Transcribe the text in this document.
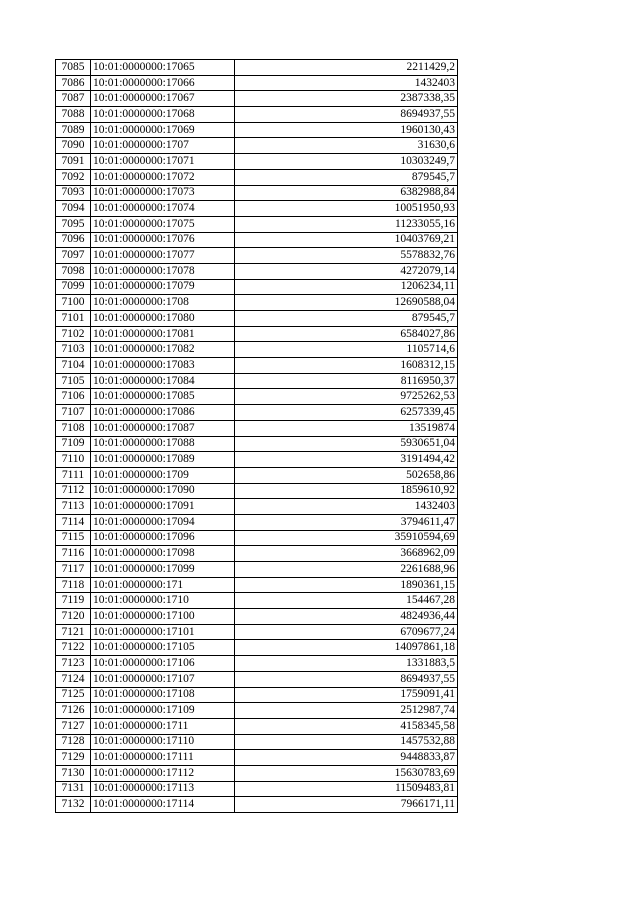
7085	10:01:0000000:17065	2211429,2
7086	10:01:0000000:17066	1432403
7087	10:01:0000000:17067	2387338,35
7088	10:01:0000000:17068	8694937,55
7089	10:01:0000000:17069	1960130,43
7090	10:01:0000000:1707	31630,6
7091	10:01:0000000:17071	10303249,7
7092	10:01:0000000:17072	879545,7
7093	10:01:0000000:17073	6382988,84
7094	10:01:0000000:17074	10051950,93
7095	10:01:0000000:17075	11233055,16
7096	10:01:0000000:17076	10403769,21
7097	10:01:0000000:17077	5578832,76
7098	10:01:0000000:17078	4272079,14
7099	10:01:0000000:17079	1206234,11
7100	10:01:0000000:1708	12690588,04
7101	10:01:0000000:17080	879545,7
7102	10:01:0000000:17081	6584027,86
7103	10:01:0000000:17082	1105714,6
7104	10:01:0000000:17083	1608312,15
7105	10:01:0000000:17084	8116950,37
7106	10:01:0000000:17085	9725262,53
7107	10:01:0000000:17086	6257339,45
7108	10:01:0000000:17087	13519874
7109	10:01:0000000:17088	5930651,04
7110	10:01:0000000:17089	3191494,42
7111	10:01:0000000:1709	502658,86
7112	10:01:0000000:17090	1859610,92
7113	10:01:0000000:17091	1432403
7114	10:01:0000000:17094	3794611,47
7115	10:01:0000000:17096	35910594,69
7116	10:01:0000000:17098	3668962,09
7117	10:01:0000000:17099	2261688,96
7118	10:01:0000000:171	1890361,15
7119	10:01:0000000:1710	154467,28
7120	10:01:0000000:17100	4824936,44
7121	10:01:0000000:17101	6709677,24
7122	10:01:0000000:17105	14097861,18
7123	10:01:0000000:17106	1331883,5
7124	10:01:0000000:17107	8694937,55
7125	10:01:0000000:17108	1759091,41
7126	10:01:0000000:17109	2512987,74
7127	10:01:0000000:1711	4158345,58
7128	10:01:0000000:17110	1457532,88
7129	10:01:0000000:17111	9448833,87
7130	10:01:0000000:17112	15630783,69
7131	10:01:0000000:17113	11509483,81
7132	10:01:0000000:17114	7966171,11
